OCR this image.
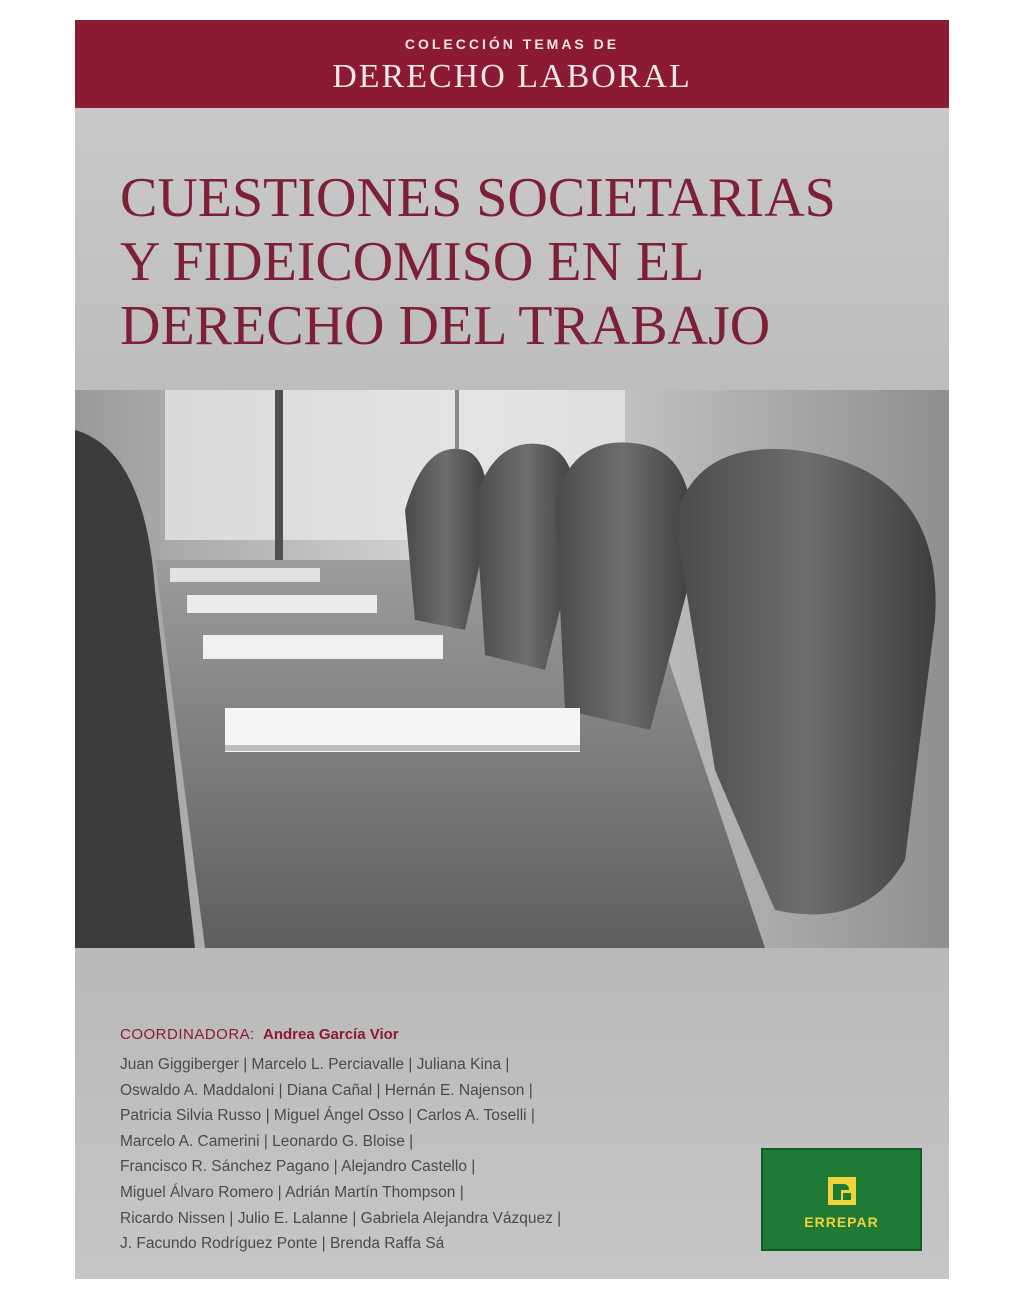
COLECCIÓN TEMAS DE
DERECHO LABORAL
CUESTIONES SOCIETARIAS
Y FIDEICOMISO EN EL
DERECHO DEL TRABAJO
COORDINADORA: Andrea García Vior
Juan Giggiberger | Marcelo L. Perciavalle | Juliana Kina |
Oswaldo A. Maddaloni | Diana Cañal | Hernán E. Najenson |
Patricia Silvia Russo | Miguel Ángel Osso | Carlos A. Toselli |
Marcelo A. Camerini | Leonardo G. Bloise |
Francisco R. Sánchez Pagano | Alejandro Castello |
Miguel Álvaro Romero | Adrián Martín Thompson |
Ricardo Nissen | Julio E. Lalanne | Gabriela Alejandra Vázquez |
J. Facundo Rodríguez Ponte | Brenda Raffa Sá
ERREPAR
